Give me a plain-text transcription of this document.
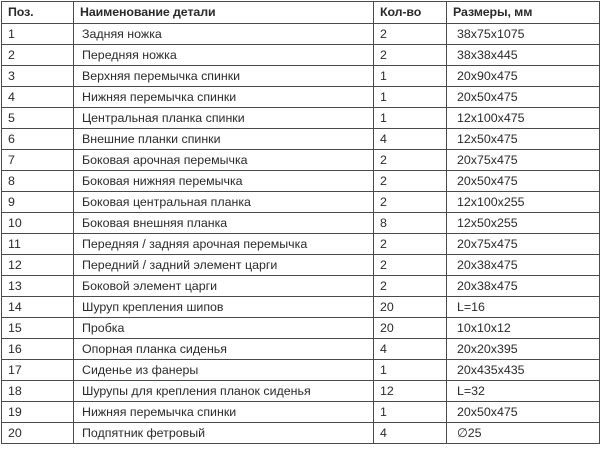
Поз.	Наименование детали	Кол-во	Размеры, мм
1	Задняя ножка	2	38x75x1075
2	Передняя ножка	2	38x38x445
3	Верхняя перемычка спинки	1	20x90x475
4	Нижняя перемычка спинки	1	20x50x475
5	Центральная планка спинки	1	12x100x475
6	Внешние планки спинки	4	12x50x475
7	Боковая арочная перемычка	2	20x75x475
8	Боковая нижняя перемычка	2	20x50x475
9	Боковая центральная планка	2	12x100x255
10	Боковая внешняя планка	8	12x50x255
11	Передняя / задняя арочная перемычка	2	20x75x475
12	Передний / задний элемент царги	2	20x38x475
13	Боковой элемент царги	2	20x38x475
14	Шуруп крепления шипов	20	L=16
15	Пробка	20	10x10x12
16	Опорная планка сиденья	4	20x20x395
17	Сиденье из фанеры	1	20x435x435
18	Шурупы для крепления планок сиденья	12	L=32
19	Нижняя перемычка спинки	1	20x50x475
20	Подпятник фетровый	4	∅25
